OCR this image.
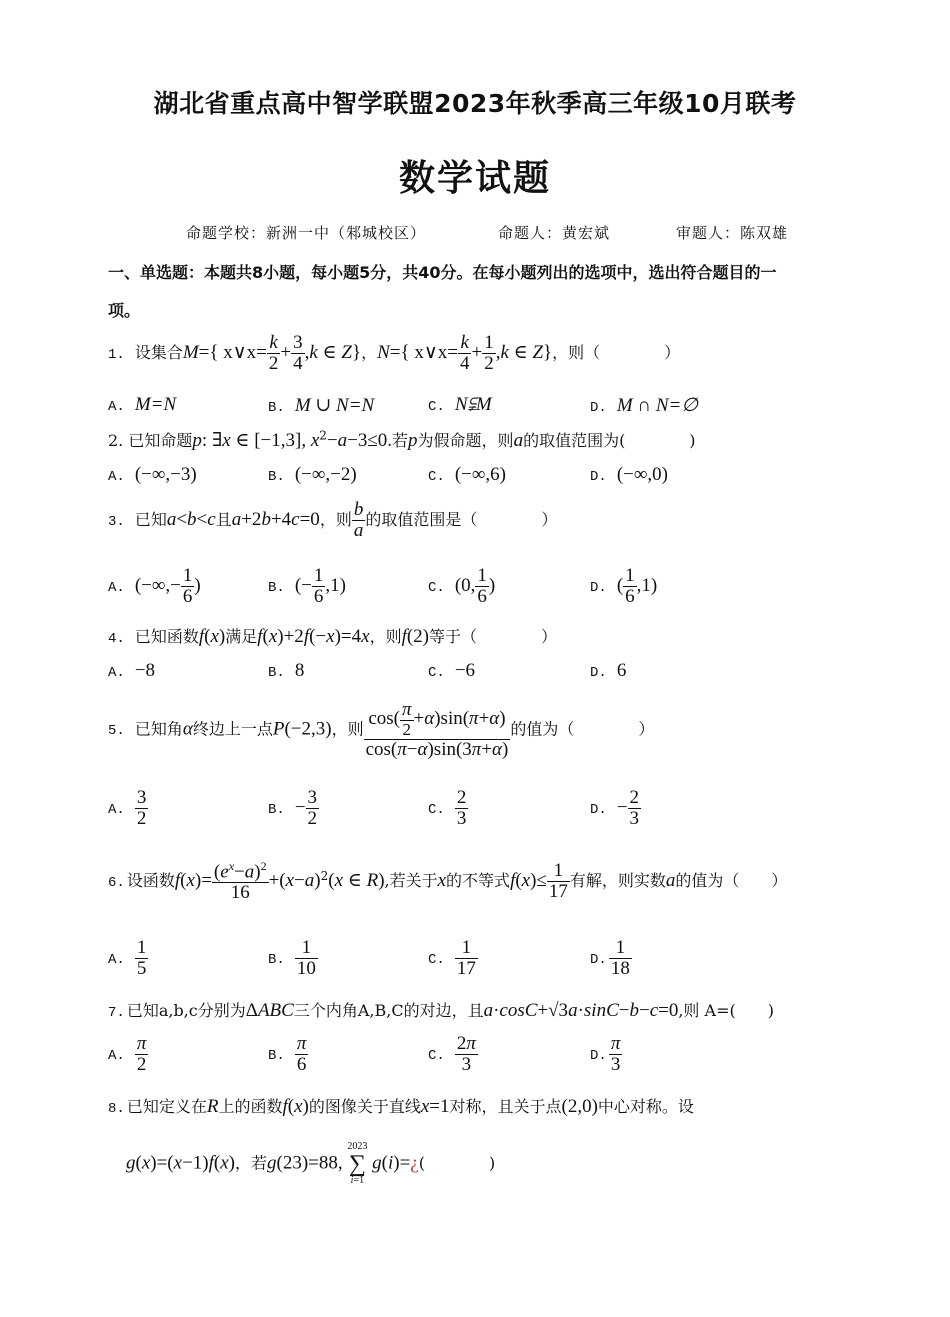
湖北省重点高中智学联盟2023年秋季高三年级10月联考
数学试题
命题学校：新洲一中（邾城校区）	命题人：黄宏斌	审题人：陈双雄
一、单选题：本题共8小题，每小题5分，共40分。在每小题列出的选项中，选出符合题目的一
项。
1. 设集合M={ x∨x= $\frac{k}{2} + \frac{3}{4} ,k$ ∈ Z}，N={ x∨x= $\frac{k}{4} + \frac{1}{2} ,k$ ∈ Z}，则（　　　　）
A. M=N	B. M ∪ N=N	C. N⫋M	D. M ∩ N=∅
2. 已知命题p: ∃x ∈ [−1,3], $x^2-a-3\le 0$.若p为假命题，则a的取值范围为(　　　　)
A. (−∞,−3)	B. (−∞,−2)	C. (−∞,6)	D. (−∞,0)
3. 已知a<b<c且a+2b+4c=0，则 $\frac{b}{a}$ 的取值范围是（　　　　）
A. (−∞,− $\frac{1}{6}$ )	B. (− $\frac{1}{6} ,1$)	C. (0, $\frac{1}{6}$ )	D. ( $\frac{1}{6} ,1$)
4. 已知函数f(x)满足f(x)+2f(−x)=4x，则f(2)等于（　　　　）
A. −8	B. 8	C. −6	D. 6
5. 已知角α终边上一点P(−2,3)，则 $\frac{\cos( \frac{\pi}{2} +\alpha)\sin(\pi+\alpha)}{\cos(\pi-\alpha)\sin(3\pi+\alpha)}$ 的值为（　　　　）
A. $\frac{3}{2}$	B. − $\frac{3}{2}$	C. $\frac{2}{3}$	D. − $\frac{2}{3}$
6. 设函数$f(x)= \frac{(e^x-a)^2}{16} +(x-a)^2(x$ ∈ R),若关于x的不等式$f(x)\le \frac{1}{17}$ 有解，则实数a的值为（　　）
A. $\frac{1}{5}$	B. $\frac{1}{10}$	C. $\frac{1}{17}$	D. $\frac{1}{18}$
7. 已知a,b,c分别为ΔABC三个内角A,B,C的对边，且a·cosC+√3a·sinC−b−c=0,则 A=(　　)
A. $\frac{\pi}{2}$	B. $\frac{\pi}{6}$	C. $\frac{2\pi}{3}$	D. $\frac{\pi}{3}$
8. 已知定义在R上的函数f(x)的图像关于直线x=1对称，且关于点(2,0)中心对称。设
g(x)=(x−1)f(x)，若g(23)=88,
2023
∑
i=1
g(i)=¿(　　　　)
